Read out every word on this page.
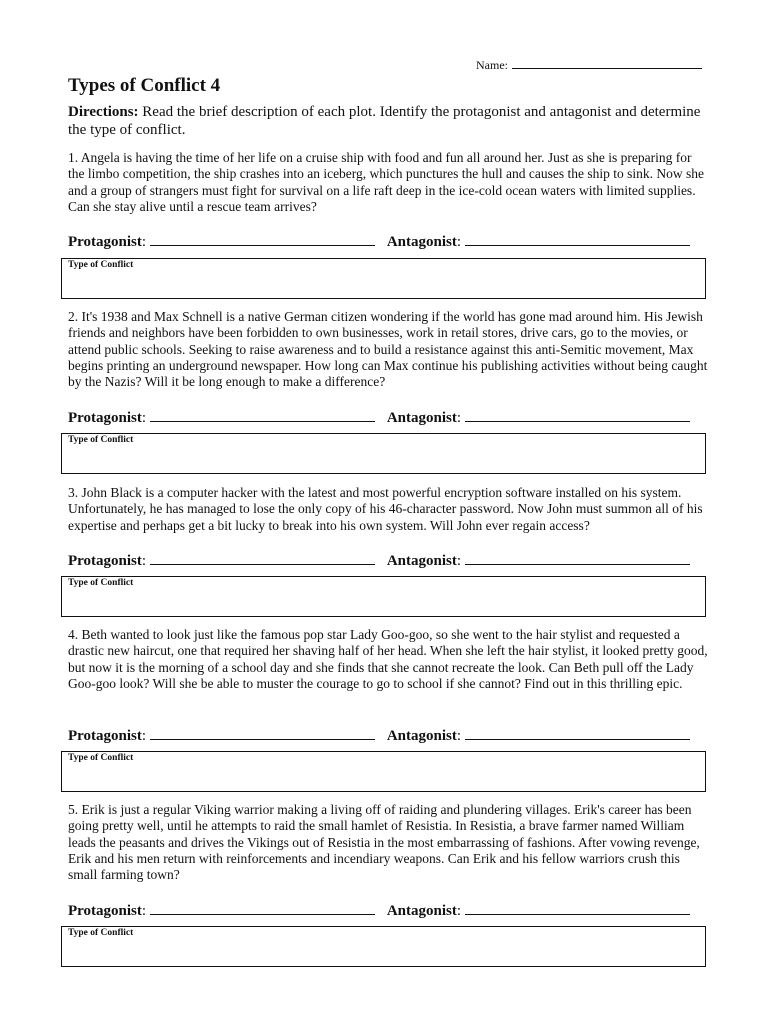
Name:
Types of Conflict 4

Directions: Read the brief description of each plot. Identify the protagonist and antagonist and determine the type of conflict.

1. Angela is having the time of her life on a cruise ship with food and fun all around her. Just as she is preparing for the limbo competition, the ship crashes into an iceberg, which punctures the hull and causes the ship to sink. Now she and a group of strangers must fight for survival on a life raft deep in the ice-cold ocean waters with limited supplies. Can she stay alive until a rescue team arrives?

Protagonist:	Antagonist:
Type of Conflict

2. It's 1938 and Max Schnell is a native German citizen wondering if the world has gone mad around him. His Jewish friends and neighbors have been forbidden to own businesses, work in retail stores, drive cars, go to the movies, or attend public schools. Seeking to raise awareness and to build a resistance against this anti-Semitic movement, Max begins printing an underground newspaper. How long can Max continue his publishing activities without being caught by the Nazis? Will it be long enough to make a difference?

Protagonist:	Antagonist:
Type of Conflict

3. John Black is a computer hacker with the latest and most powerful encryption software installed on his system. Unfortunately, he has managed to lose the only copy of his 46-character password. Now John must summon all of his expertise and perhaps get a bit lucky to break into his own system. Will John ever regain access?

Protagonist:	Antagonist:
Type of Conflict

4. Beth wanted to look just like the famous pop star Lady Goo-goo, so she went to the hair stylist and requested a drastic new haircut, one that required her shaving half of her head. When she left the hair stylist, it looked pretty good, but now it is the morning of a school day and she finds that she cannot recreate the look. Can Beth pull off the Lady Goo-goo look? Will she be able to muster the courage to go to school if she cannot? Find out in this thrilling epic.

Protagonist:	Antagonist:
Type of Conflict

5. Erik is just a regular Viking warrior making a living off of raiding and plundering villages. Erik's career has been going pretty well, until he attempts to raid the small hamlet of Resistia. In Resistia, a brave farmer named William leads the peasants and drives the Vikings out of Resistia in the most embarrassing of fashions. After vowing revenge, Erik and his men return with reinforcements and incendiary weapons. Can Erik and his fellow warriors crush this small farming town?

Protagonist:	Antagonist:
Type of Conflict
